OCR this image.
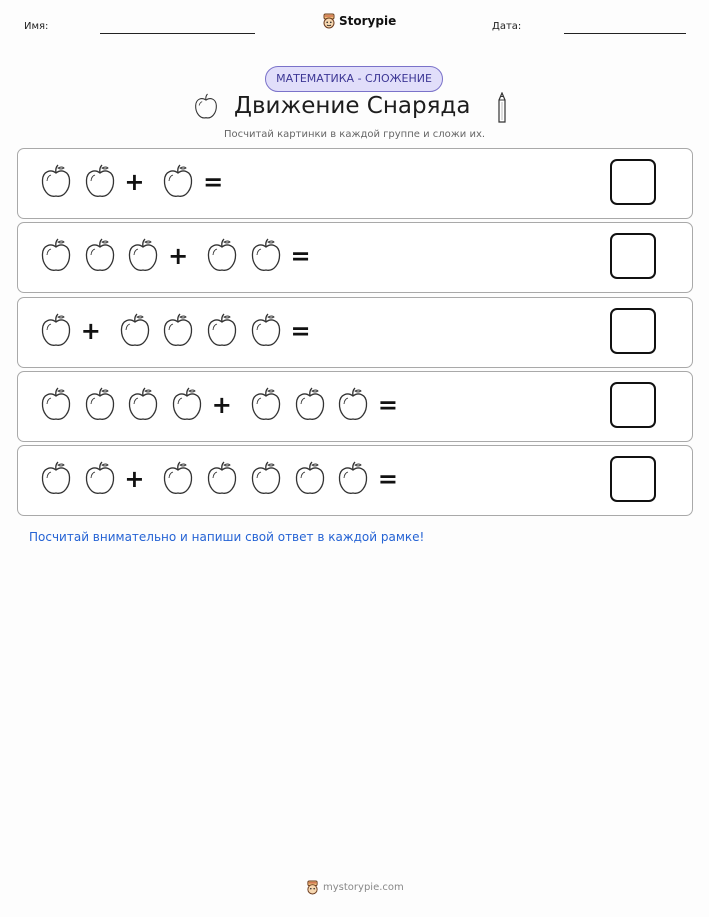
Имя:	Storypie	Дата:
МАТЕМАТИКА - СЛОЖЕНИЕ
Движение Снаряда
Посчитай картинки в каждой группе и сложи их.
+ =
+	=
+	=
+	=
+	=
Посчитай внимательно и напиши свой ответ в каждой рамке!
mystorypie.com
